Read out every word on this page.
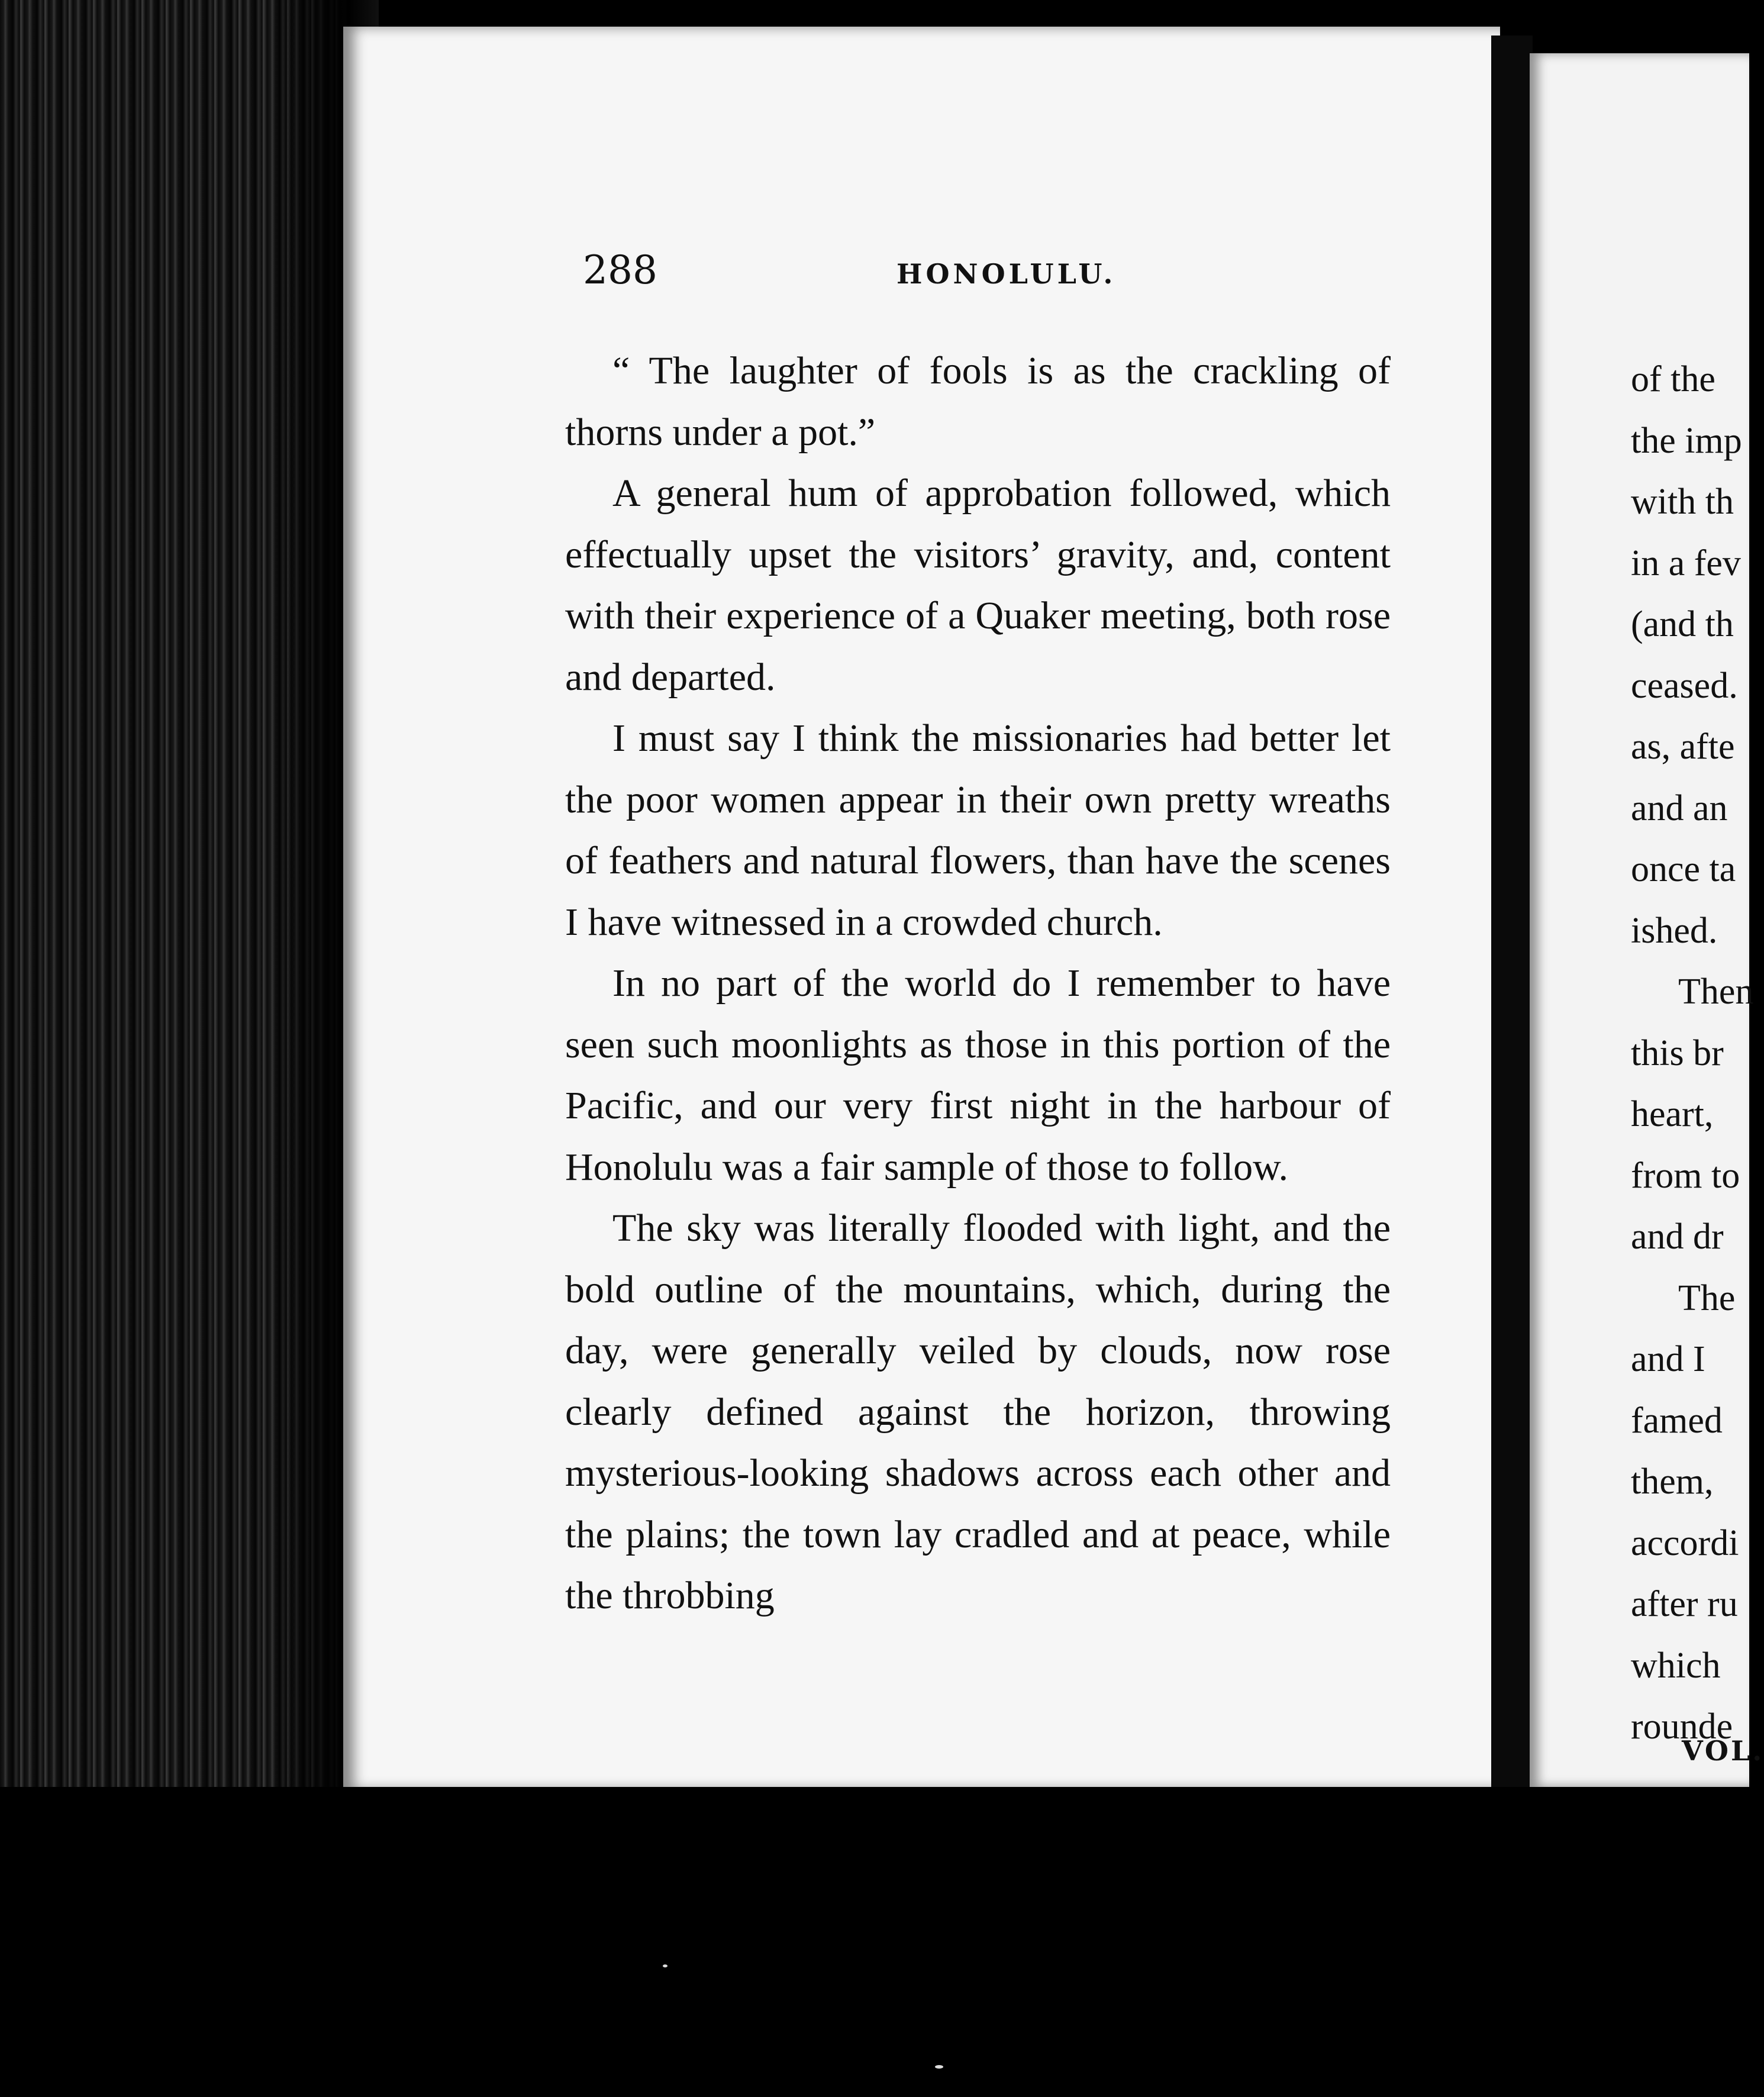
288	HONOLULU.

“ The laughter of fools is as the crackling of thorns under a pot.”

A general hum of approbation followed, which effectually upset the visitors’ gravity, and, content with their experience of a Quaker meeting, both rose and departed.

I must say I think the missionaries had better let the poor women appear in their own pretty wreaths of feathers and natural flowers, than have the scenes I have witnessed in a crowded church.

In no part of the world do I remember to have seen such moonlights as those in this portion of the Pacific, and our very first night in the harbour of Honolulu was a fair sample of those to follow.

The sky was literally flooded with light, and the bold outline of the mountains, which, during the day, were generally veiled by clouds, now rose clearly defined against the horizon, throwing mysterious-looking shadows across each other and the plains; the town lay cradled and at peace, while the throbbing

of the
the imp
with th
in a fev
(and th
ceased.
as, afte
and an
once ta
ished.
Then
this br
heart,
from to
and dr
The
and I
famed
them,
accordi
after ru
which
rounde
VOL.
